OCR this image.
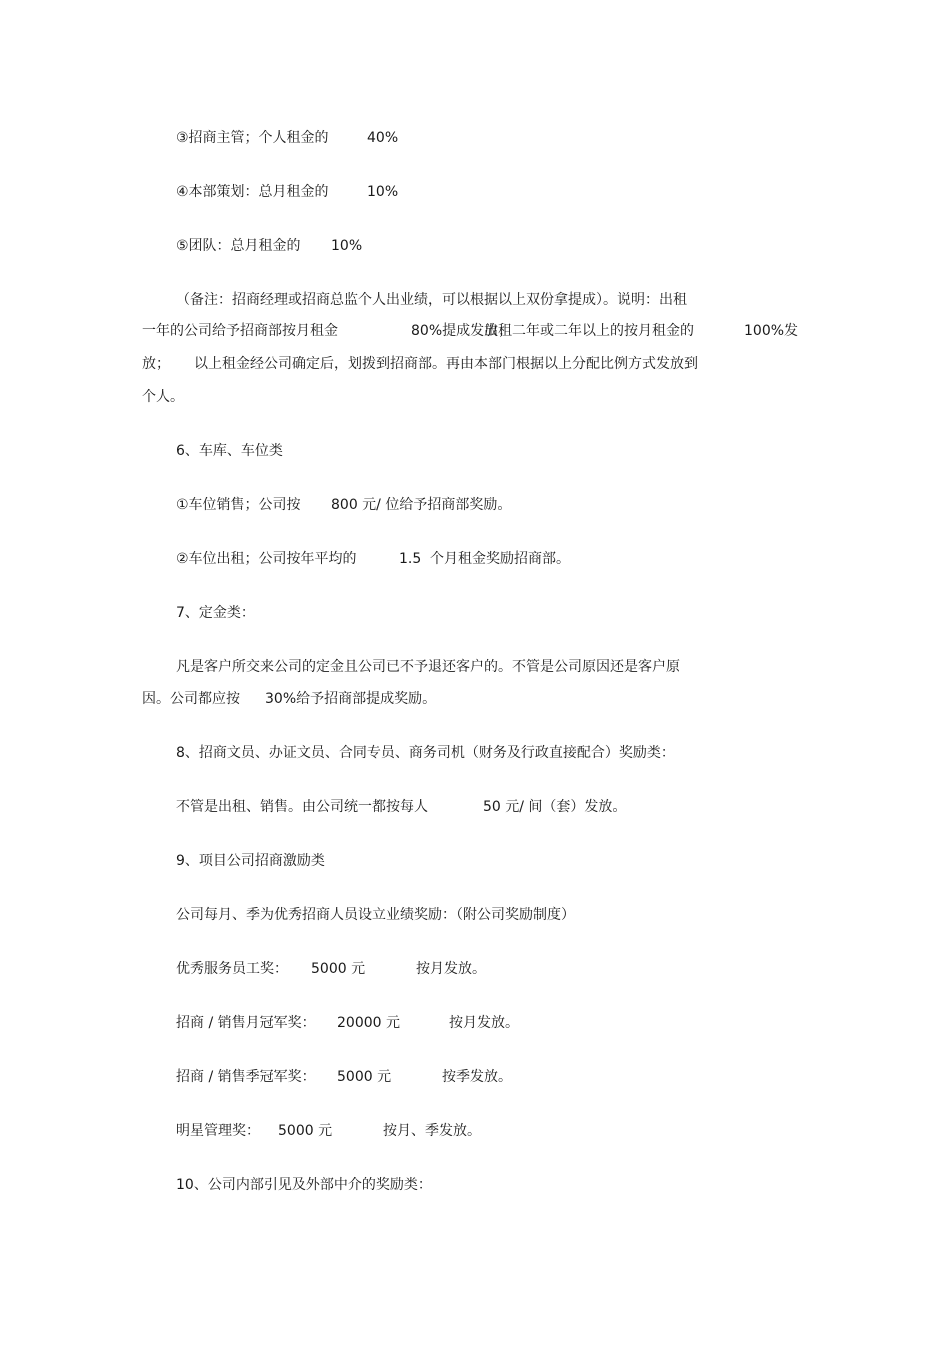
③招商主管；个人租金的	40%
④本部策划：总月租金的	10%
⑤团队：总月租金的 10%
（备注：招商经理或招商总监个人出业绩，可以根据以上双份拿提成）。说明：出租
一年的公司给予招商部按月租金	80%提成发放；
出租二年或二年以上的按月租金的	100%发
放； 以上租金经公司确定后，划拨到招商部。再由本部门根据以上分配比例方式发放到
个人。
6、车库、车位类
①车位销售；公司按 800 元/ 位给予招商部奖励。
②车位出租；公司按年平均的	1.5 个月租金奖励招商部。
7、定金类：
凡是客户所交来公司的定金且公司已不予退还客户的。不管是公司原因还是客户原
因。公司都应按 30%给予招商部提成奖励。
8、招商文员、办证文员、合同专员、商务司机（财务及行政直接配合）奖励类：
不管是出租、销售。由公司统一都按每人	50 元/ 间（套）发放。
9、项目公司招商激励类
公司每月、季为优秀招商人员设立业绩奖励：（附公司奖励制度）
优秀服务员工奖： 5000 元	按月发放。
招商 / 销售月冠军奖： 20000 元	按月发放。
招商 / 销售季冠军奖： 5000 元	按季发放。
明星管理奖： 5000 元	按月、季发放。
10、公司内部引见及外部中介的奖励类：
